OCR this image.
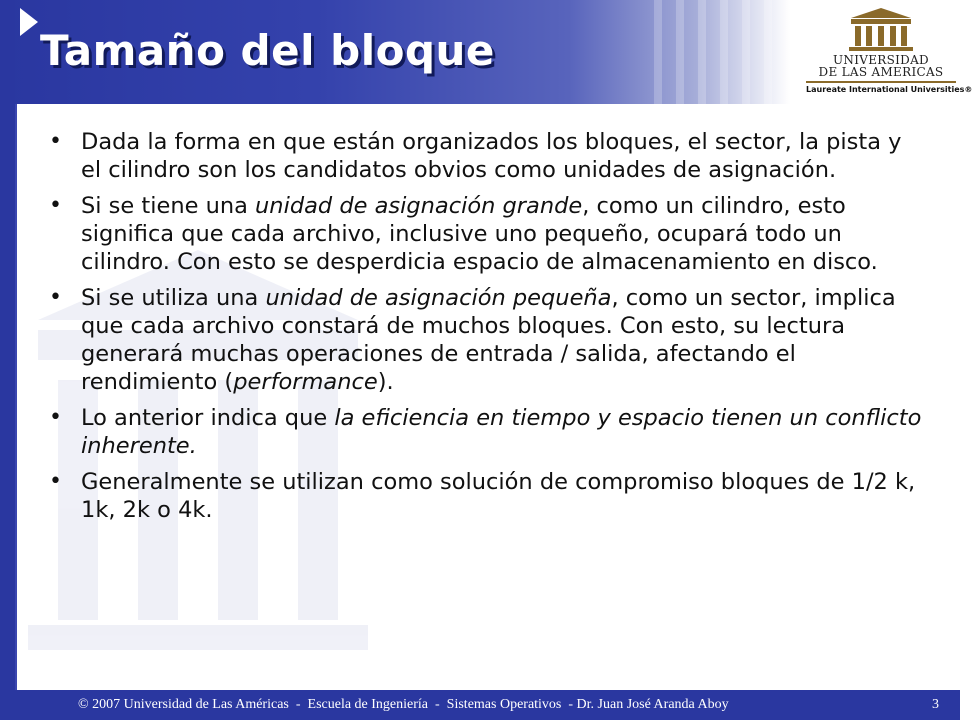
Tamaño del bloque	UNIVERSIDAD
DE LAS AMERICAS
Laureate International Universities®
• Dada la forma en que están organizados los bloques, el sector, la pista y el cilindro son los candidatos obvios como unidades de asignación.
• Si se tiene una unidad de asignación grande, como un cilindro, esto significa que cada archivo, inclusive uno pequeño, ocupará todo un cilindro. Con esto se desperdicia espacio de almacenamiento en disco.
• Si se utiliza una unidad de asignación pequeña, como un sector, implica que cada archivo constará de muchos bloques. Con esto, su lectura generará muchas operaciones de entrada / salida, afectando el rendimiento (performance).
• Lo anterior indica que la eficiencia en tiempo y espacio tienen un conflicto inherente.
• Generalmente se utilizan como solución de compromiso bloques de 1/2 k, 1k, 2k o 4k.
© 2007 Universidad de Las Américas  -  Escuela de Ingeniería  -  Sistemas Operativos  - Dr. Juan José Aranda Aboy	3
